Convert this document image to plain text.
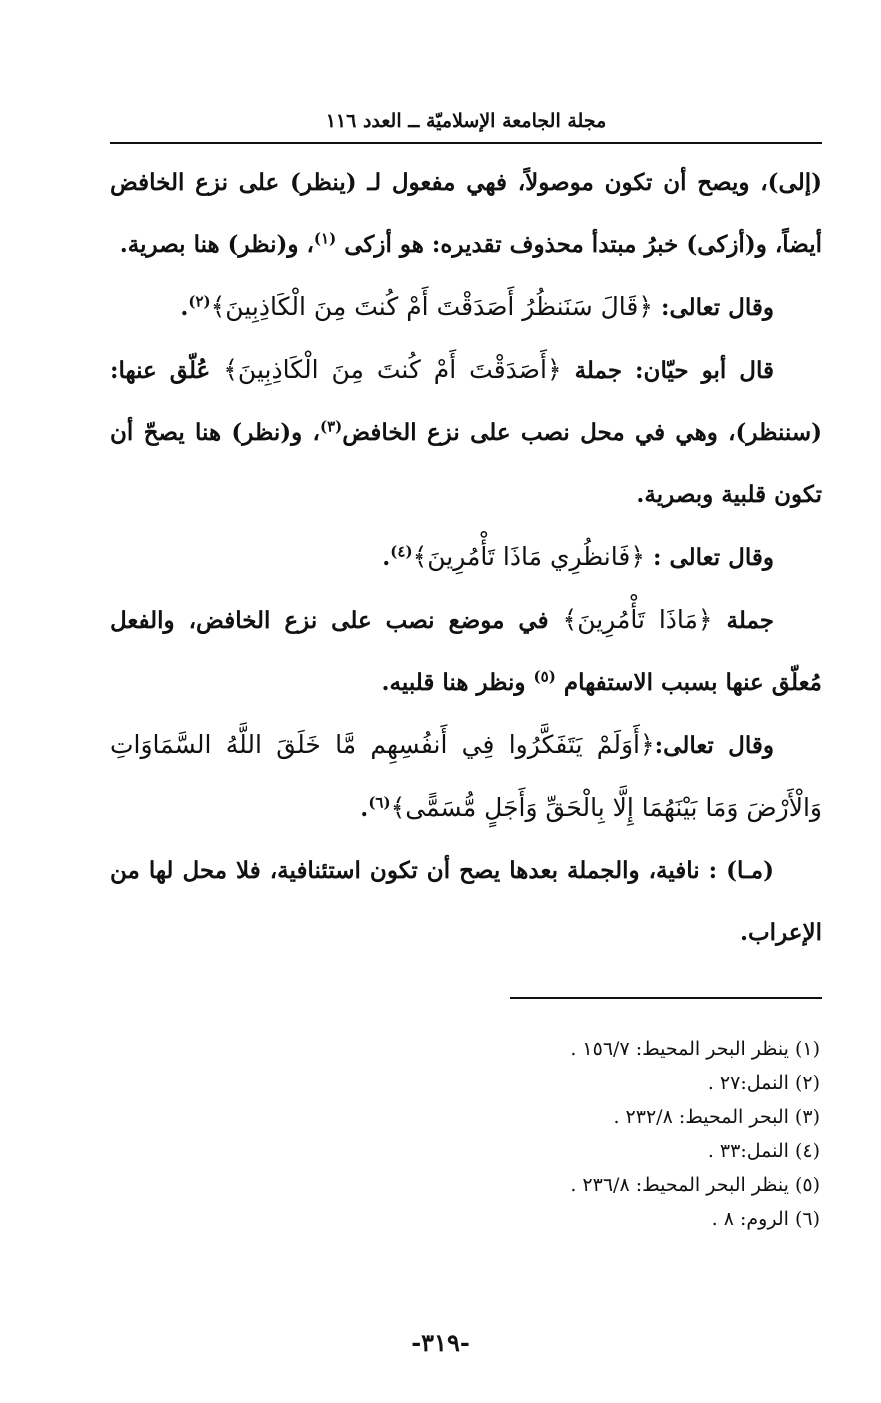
مجلة الجامعة الإسلاميّة ــ العدد ١١٦

(إلى)، ويصح أن تكون موصولاً، فهي مفعول لـ (ينظر) على نزع الخافض أيضاً، و(أزكى) خبرُ مبتدأ محذوف تقديره: هو أزكى $^{(١)}$، و(نظر) هنا بصرية.

وقال تعالى: ﴿قَالَ سَنَنظُرُ أَصَدَقْتَ أَمْ كُنتَ مِنَ الْكَاذِبِينَ﴾$^{(٢)}$.

قال أبو حيّان: جملة ﴿أَصَدَقْتَ أَمْ كُنتَ مِنَ الْكَاذِبِينَ﴾ عُلّق عنها:(سننظر)، وهي في محل نصب على نزع الخافض$^{(٣)}$، و(نظر) هنا يصحّ أن تكون قلبية وبصرية.

وقال تعالى : ﴿فَانظُرِي مَاذَا تَأْمُرِينَ﴾$^{(٤)}$.

جملة ﴿مَاذَا تَأْمُرِينَ﴾ في موضع نصب على نزع الخافض، والفعل مُعلّق عنها بسبب الاستفهام $^{(٥)}$ ونظر هنا قلبيه.

وقال تعالى:﴿أَوَلَمْ يَتَفَكَّرُوا فِي أَنفُسِهِم مَّا خَلَقَ اللَّهُ السَّمَاوَاتِ وَالْأَرْضَ وَمَا بَيْنَهُمَا إِلَّا بِالْحَقِّ وَأَجَلٍ مُّسَمًّى﴾$^{(٦)}$.

(مـا) : نافية، والجملة بعدها يصح أن تكون استئنافية، فلا محل لها من الإعراب.

(١) ينظر البحر المحيط: ١٥٦/٧ .
(٢) النمل:٢٧ .
(٣) البحر المحيط: ٢٣٢/٨ .
(٤) النمل:٣٣ .
(٥) ينظر البحر المحيط: ٢٣٦/٨ .
(٦) الروم: ٨ .
-٣١٩-
